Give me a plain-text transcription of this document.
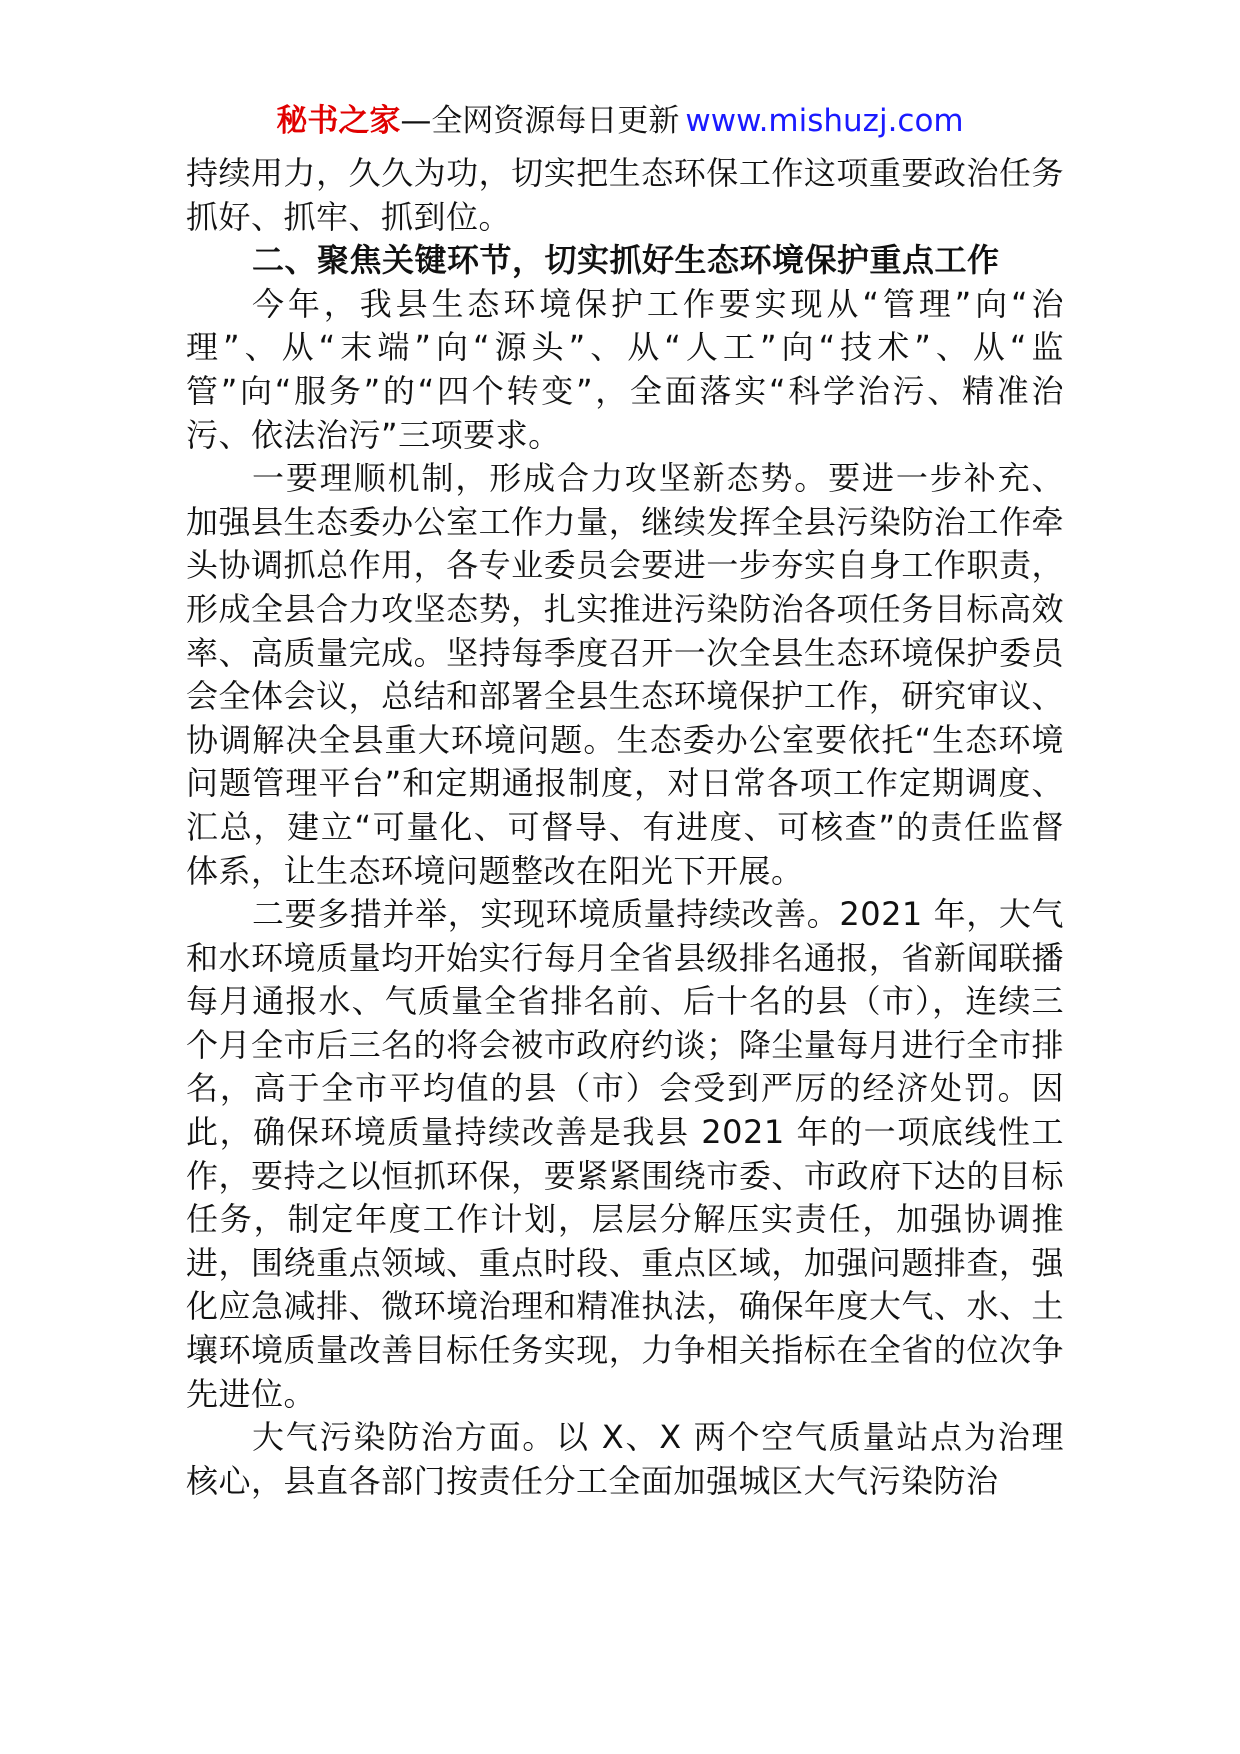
秘书之家—全网资源每日更新 www.mishuzj.com

持续用力，久久为功，切实把生态环保工作这项重要政治任务抓好、抓牢、抓到位。

二、聚焦关键环节，切实抓好生态环境保护重点工作

今年，我县生态环境保护工作要实现从“管理”向“治理”、从“末端”向“源头”、从“人工”向“技术”、从“监管”向“服务”的“四个转变”，全面落实“科学治污、精准治污、依法治污”三项要求。

一要理顺机制，形成合力攻坚新态势。要进一步补充、加强县生态委办公室工作力量，继续发挥全县污染防治工作牵头协调抓总作用，各专业委员会要进一步夯实自身工作职责，形成全县合力攻坚态势，扎实推进污染防治各项任务目标高效率、高质量完成。坚持每季度召开一次全县生态环境保护委员会全体会议，总结和部署全县生态环境保护工作，研究审议、协调解决全县重大环境问题。生态委办公室要依托“生态环境问题管理平台”和定期通报制度，对日常各项工作定期调度、汇总，建立“可量化、可督导、有进度、可核查”的责任监督体系，让生态环境问题整改在阳光下开展。

二要多措并举，实现环境质量持续改善。2021 年，大气和水环境质量均开始实行每月全省县级排名通报，省新闻联播每月通报水、气质量全省排名前、后十名的县（市），连续三个月全市后三名的将会被市政府约谈；降尘量每月进行全市排名，高于全市平均值的县（市）会受到严厉的经济处罚。因此，确保环境质量持续改善是我县 2021 年的一项底线性工作，要持之以恒抓环保，要紧紧围绕市委、市政府下达的目标任务，制定年度工作计划，层层分解压实责任，加强协调推进，围绕重点领域、重点时段、重点区域，加强问题排查，强化应急减排、微环境治理和精准执法，确保年度大气、水、土壤环境质量改善目标任务实现，力争相关指标在全省的位次争先进位。

大气污染防治方面。以 X、X 两个空气质量站点为治理核心，县直各部门按责任分工全面加强城区大气污染防治
